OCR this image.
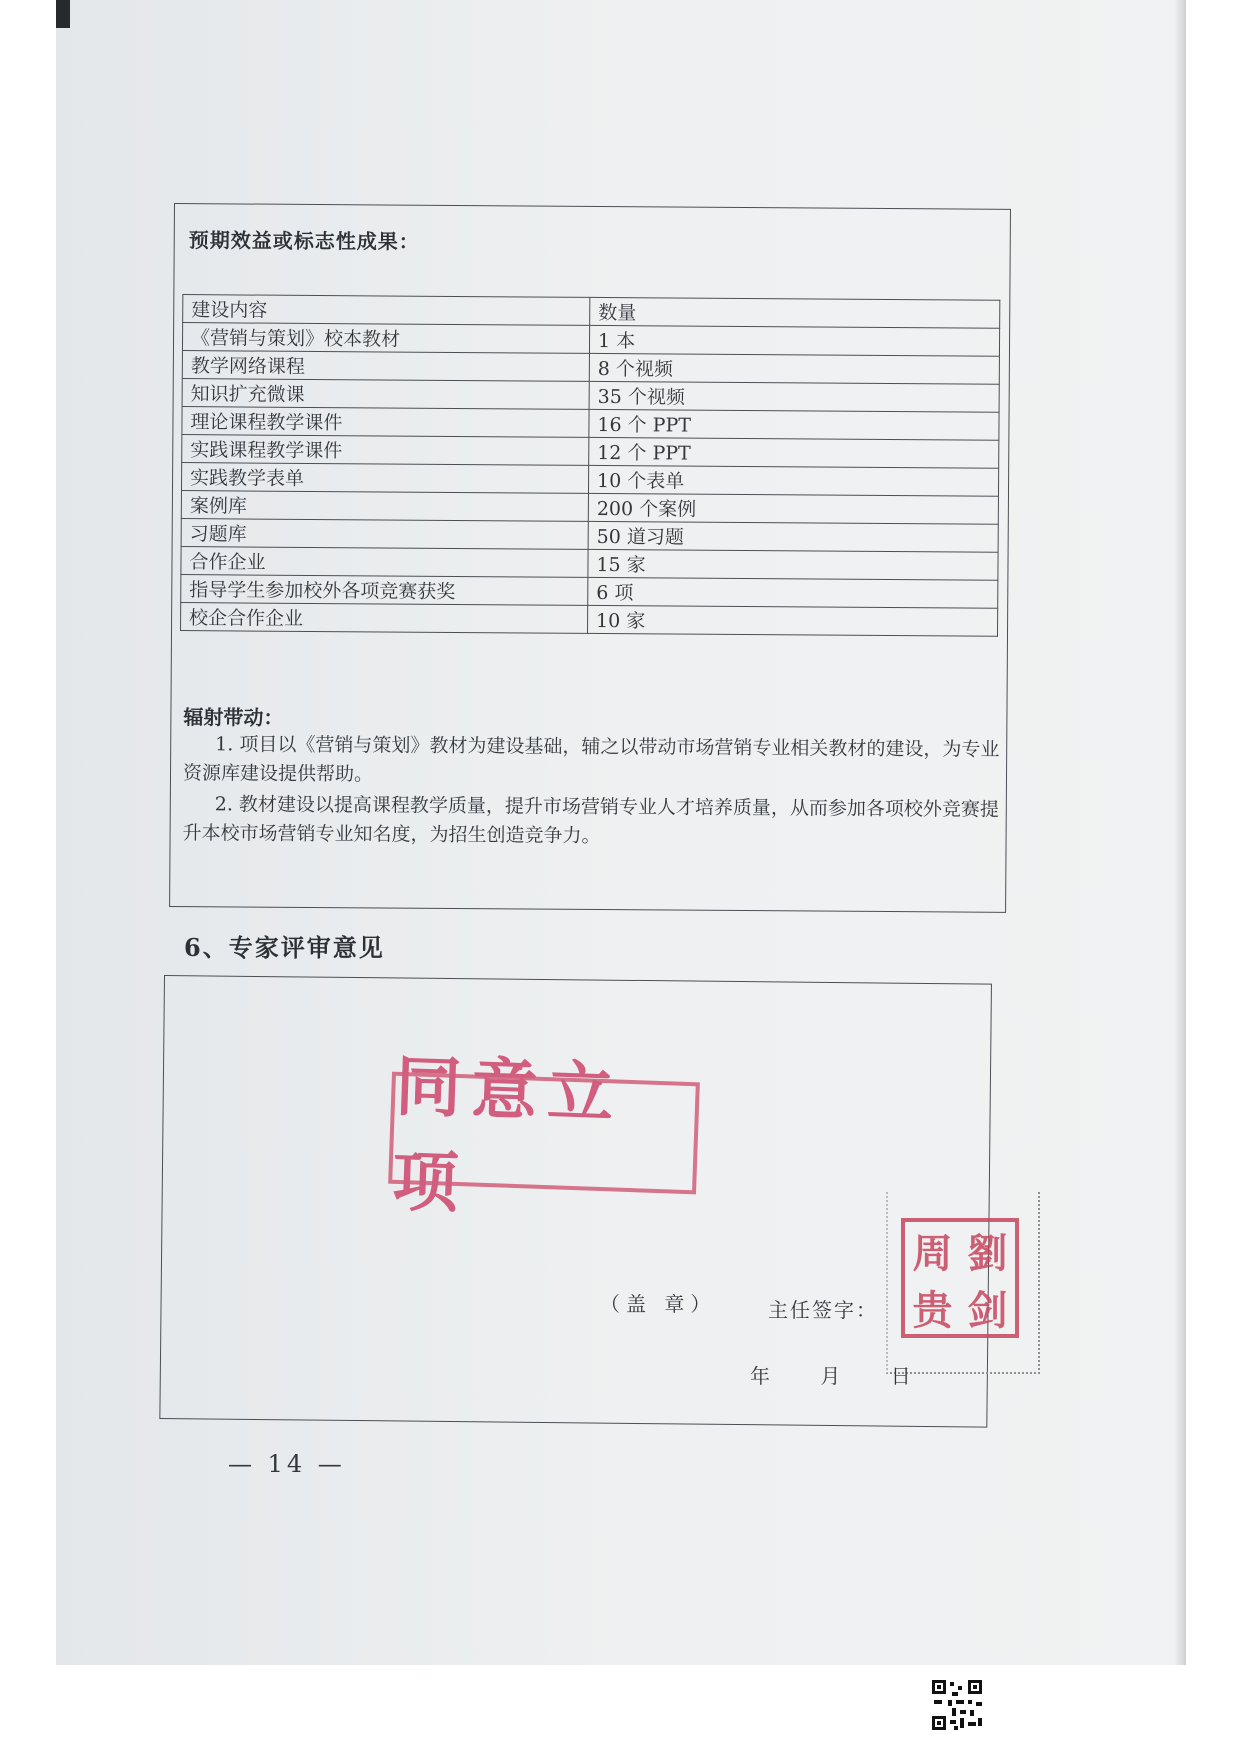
预期效益或标志性成果：
建设内容	数量
《营销与策划》校本教材	1 本
教学网络课程	8 个视频
知识扩充微课	35 个视频
理论课程教学课件	16 个 PPT
实践课程教学课件	12 个 PPT
实践教学表单	10 个表单
案例库	200 个案例
习题库	50 道习题
合作企业	15 家
指导学生参加校外各项竞赛获奖	6 项
校企合作企业	10 家
辐射带动：
1. 项目以《营销与策划》教材为建设基础，辅之以带动市场营销专业相关教材的建设，为专业资源库建设提供帮助。
2. 教材建设以提高课程教学质量，提升市场营销专业人才培养质量，从而参加各项校外竞赛提升本校市场营销专业知名度，为招生创造竞争力。
6、专家评审意见
同意立项
周 劉
贵 剑
（盖 章）	主任签字：
年	月	日
— 14 —
